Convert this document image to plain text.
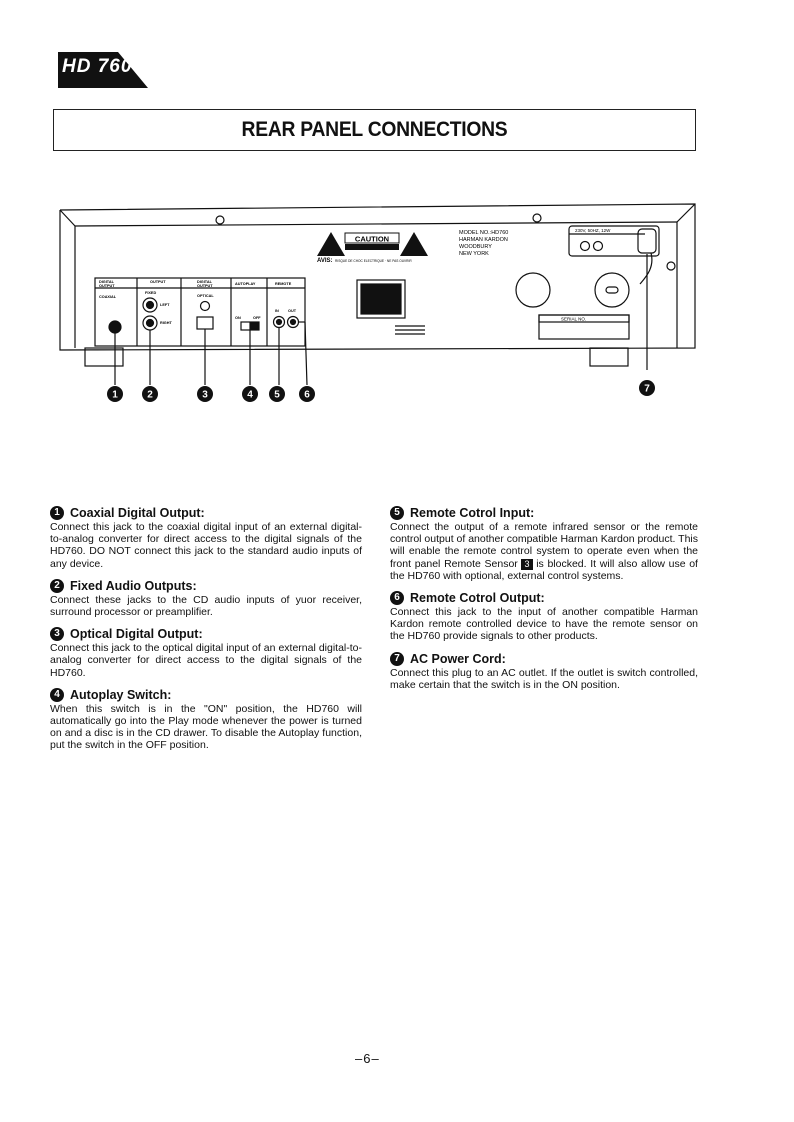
HD 760
REAR PANEL CONNECTIONS
CAUTION
AVIS: RISQUE DE CHOC ELECTRIQUE · NE PAS OUVRIR
MODEL NO.:HD760
HARMAN KARDON
WOODBURY
NEW YORK
230V, 50HZ, 12W
SERIAL NO.
DIGITAL
OUTPUT
COAXIAL
OUTPUT
FIXED
LEFT
RIGHT
DIGITAL
OUTPUT
OPTICAL
AUTOPLAY
ON	OFF
REMOTE
IN OUT
1	2	3	4 5 6
7
1 Coaxial Digital Output:

Connect this jack to the coaxial digital input of an external digital-to-analog converter for direct access to the digital signals of the HD760. DO NOT connect this jack to the standard audio inputs of any device.

2 Fixed Audio Outputs:

Connect these jacks to the CD audio inputs of yuor receiver, surround processor or preamplifier.

3 Optical Digital Output:

Connect this jack to the optical digital input of an external digital-to-analog converter for direct access to the digital signals of the HD760.

4 Autoplay Switch:

When this switch is in the "ON" position, the HD760 will automatically go into the Play mode whenever the power is turned on and a disc is in the CD drawer. To disable the Autoplay function, put the switch in the OFF position.

5 Remote Cotrol Input:

Connect the output of a remote infrared sensor or the remote control output of another compatible Harman Kardon product. This will enable the remote control system to operate even when the front panel Remote Sensor 3 is blocked. It will also allow use of the HD760 with optional, external control systems.

6 Remote Cotrol Output:

Connect this jack to the input of another compatible Harman Kardon remote controlled device to have the remote sensor on the HD760 provide signals to other products.

7 AC Power Cord:

Connect this plug to an AC outlet. If the outlet is switch controlled, make certain that the switch is in the ON position.

–6–
